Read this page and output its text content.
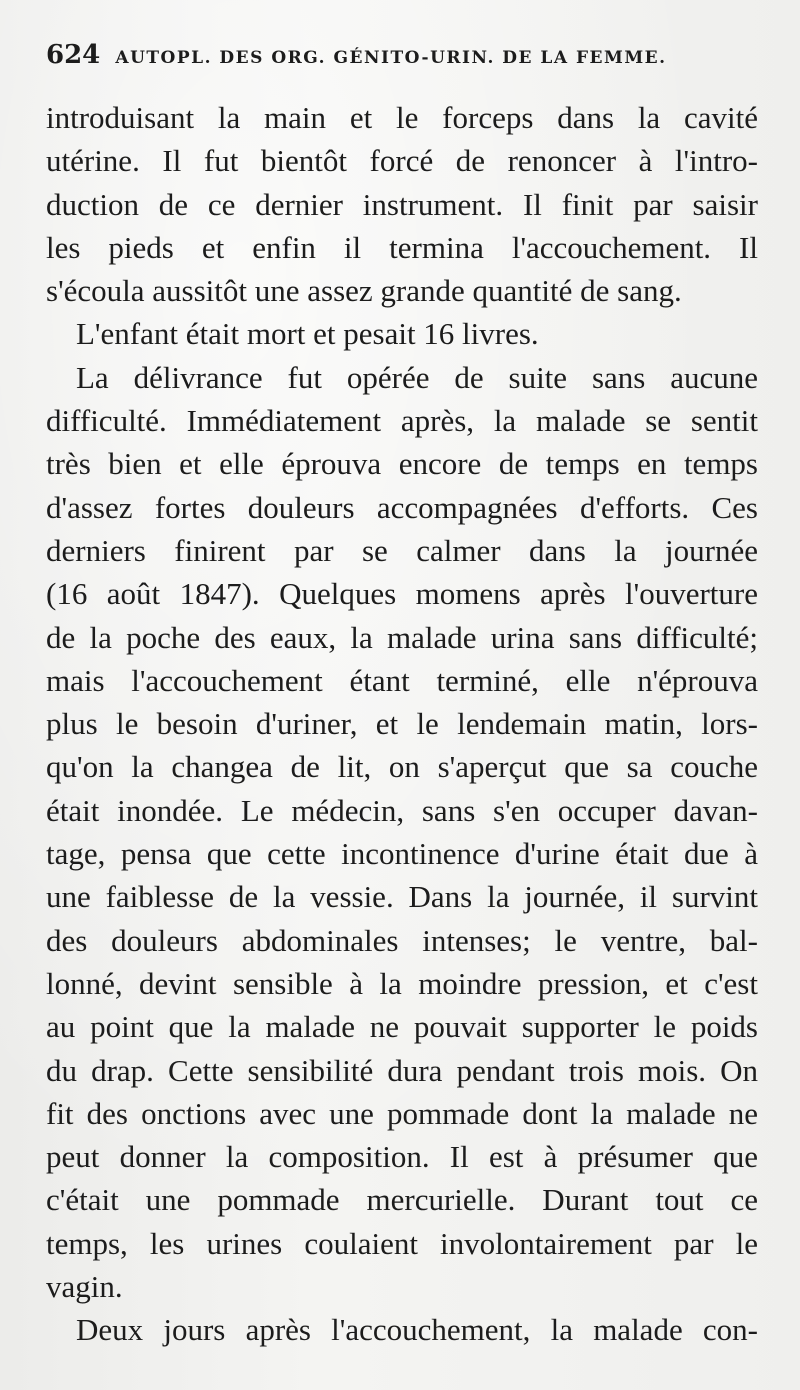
624 AUTOPL. DES ORG. GÉNITO-URIN. DE LA FEMME.
introduisant la main et le forceps dans la cavité
utérine. Il fut bientôt forcé de renoncer à l'intro-
duction de ce dernier instrument. Il finit par saisir
les pieds et enfin il termina l'accouchement. Il
s'écoula aussitôt une assez grande quantité de sang.
L'enfant était mort et pesait 16 livres.
La délivrance fut opérée de suite sans aucune
difficulté. Immédiatement après, la malade se sentit
très bien et elle éprouva encore de temps en temps
d'assez fortes douleurs accompagnées d'efforts. Ces
derniers finirent par se calmer dans la journée
(16 août 1847). Quelques momens après l'ouverture
de la poche des eaux, la malade urina sans difficulté;
mais l'accouchement étant terminé, elle n'éprouva
plus le besoin d'uriner, et le lendemain matin, lors-
qu'on la changea de lit, on s'aperçut que sa couche
était inondée. Le médecin, sans s'en occuper davan-
tage, pensa que cette incontinence d'urine était due à
une faiblesse de la vessie. Dans la journée, il survint
des douleurs abdominales intenses; le ventre, bal-
lonné, devint sensible à la moindre pression, et c'est
au point que la malade ne pouvait supporter le poids
du drap. Cette sensibilité dura pendant trois mois. On
fit des onctions avec une pommade dont la malade ne
peut donner la composition. Il est à présumer que
c'était une pommade mercurielle. Durant tout ce
temps, les urines coulaient involontairement par le
vagin.
Deux jours après l'accouchement, la malade con-
